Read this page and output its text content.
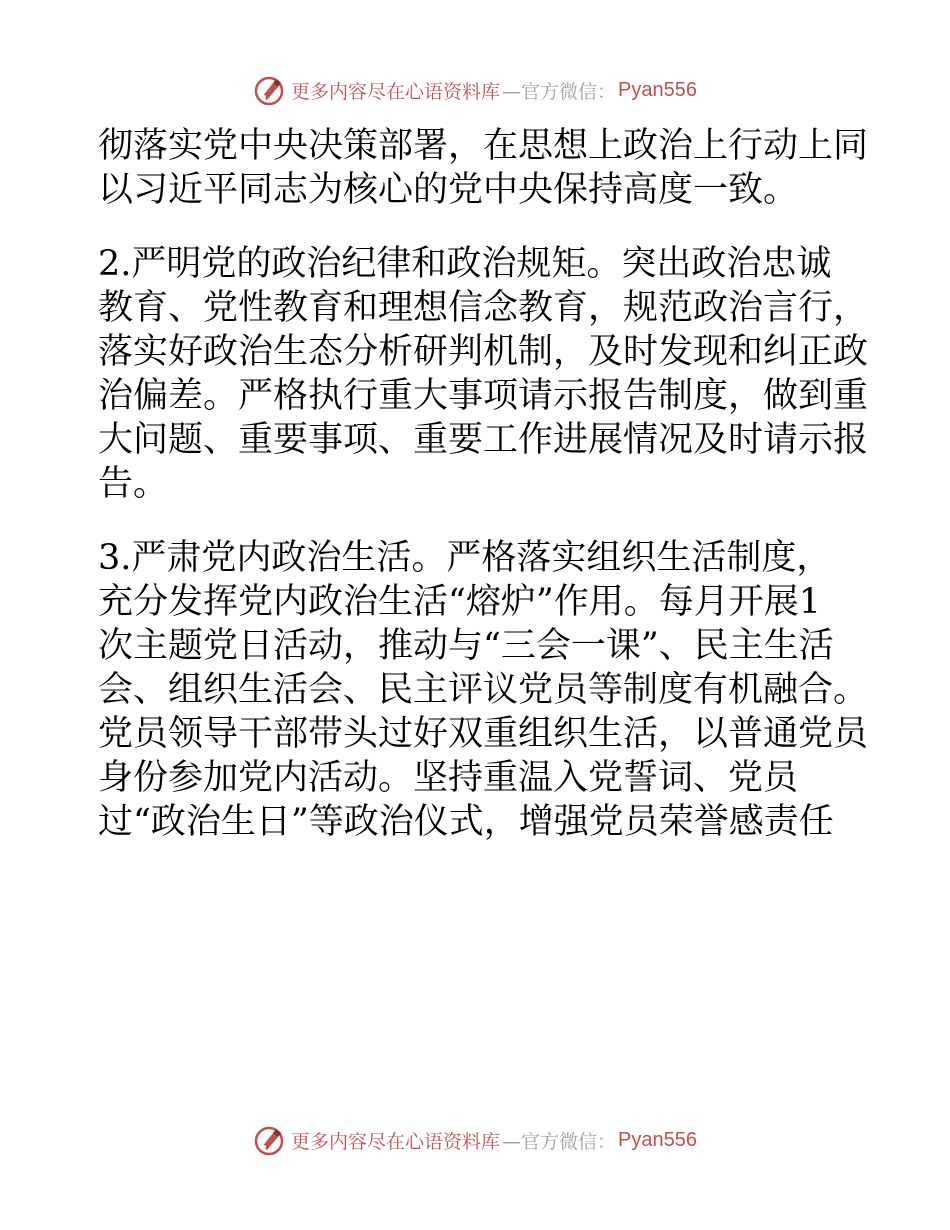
更多内容尽在心语资料库 —官方微信： Pyan556
彻落实党中央决策部署，在思想上政治上行动上同
以习近平同志为核心的党中央保持高度一致。
2.严明党的政治纪律和政治规矩。突出政治忠诚
教育、党性教育和理想信念教育，规范政治言行，
落实好政治生态分析研判机制，及时发现和纠正政
治偏差。严格执行重大事项请示报告制度，做到重
大问题、重要事项、重要工作进展情况及时请示报
告。
3.严肃党内政治生活。严格落实组织生活制度，
充分发挥党内政治生活“熔炉”作用。每月开展1
次主题党日活动，推动与“三会一课”、民主生活
会、组织生活会、民主评议党员等制度有机融合。
党员领导干部带头过好双重组织生活，以普通党员
身份参加党内活动。坚持重温入党誓词、党员
过“政治生日”等政治仪式，增强党员荣誉感责任
更多内容尽在心语资料库 —官方微信： Pyan556
